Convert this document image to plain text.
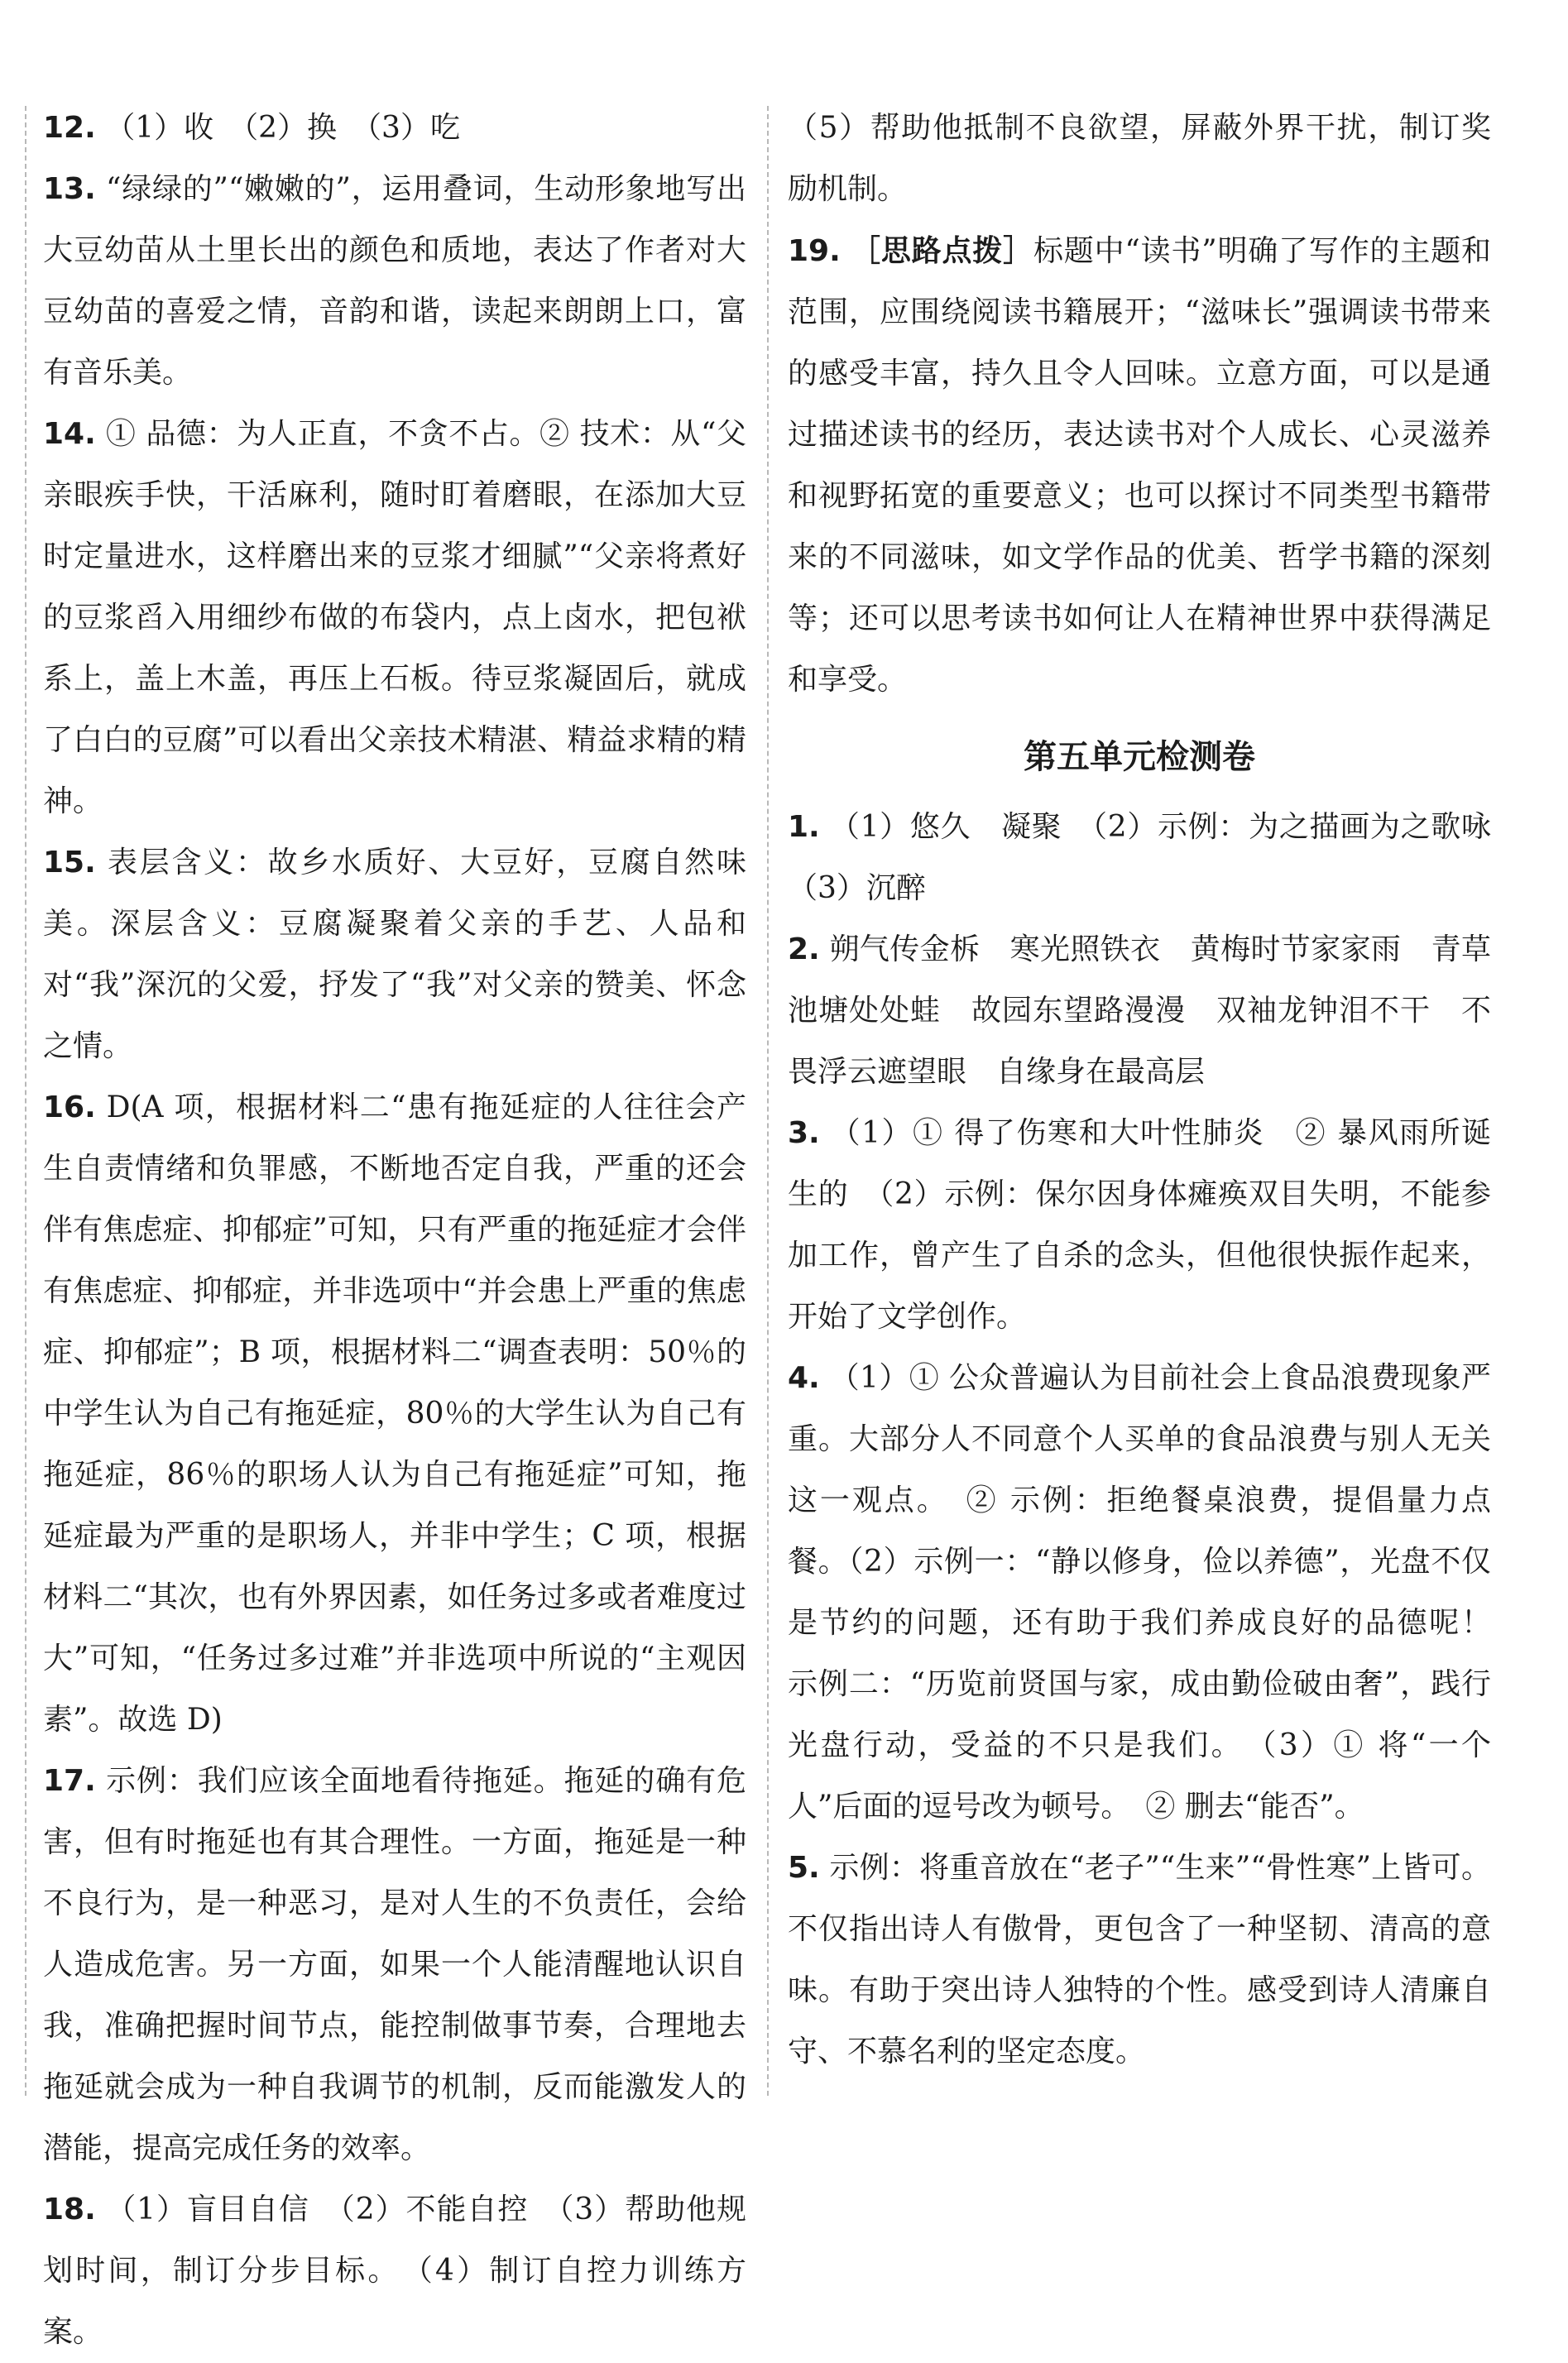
12. （1）收　（2）换　（3）吃

13. “绿绿的”“嫩嫩的”，运用叠词，生动形象地写出大豆幼苗从土里长出的颜色和质地，表达了作者对大豆幼苗的喜爱之情，音韵和谐，读起来朗朗上口，富有音乐美。

14. ① 品德：为人正直，不贪不占。② 技术：从“父亲眼疾手快，干活麻利，随时盯着磨眼，在添加大豆时定量进水，这样磨出来的豆浆才细腻”“父亲将煮好的豆浆舀入用细纱布做的布袋内，点上卤水，把包袱系上，盖上木盖，再压上石板。待豆浆凝固后，就成了白白的豆腐”可以看出父亲技术精湛、精益求精的精神。

15. 表层含义：故乡水质好、大豆好，豆腐自然味美。深层含义：豆腐凝聚着父亲的手艺、人品和对“我”深沉的父爱，抒发了“我”对父亲的赞美、怀念之情。

16. D(A 项，根据材料二“患有拖延症的人往往会产生自责情绪和负罪感，不断地否定自我，严重的还会伴有焦虑症、抑郁症”可知，只有严重的拖延症才会伴有焦虑症、抑郁症，并非选项中“并会患上严重的焦虑症、抑郁症”；B 项，根据材料二“调查表明：50％的中学生认为自己有拖延症，80％的大学生认为自己有拖延症，86％的职场人认为自己有拖延症”可知，拖延症最为严重的是职场人，并非中学生；C 项，根据材料二“其次，也有外界因素，如任务过多或者难度过大”可知，“任务过多过难”并非选项中所说的“主观因素”。故选 D)

17. 示例：我们应该全面地看待拖延。拖延的确有危害，但有时拖延也有其合理性。一方面，拖延是一种不良行为，是一种恶习，是对人生的不负责任，会给人造成危害。另一方面，如果一个人能清醒地认识自我，准确把握时间节点，能控制做事节奏，合理地去拖延就会成为一种自我调节的机制，反而能激发人的潜能，提高完成任务的效率。

18. （1）盲目自信　（2）不能自控　（3）帮助他规划时间，制订分步目标。　（4）制订自控力训练方案。

（5）帮助他抵制不良欲望，屏蔽外界干扰，制订奖励机制。

19. ［思路点拨］标题中“读书”明确了写作的主题和范围，应围绕阅读书籍展开；“滋味长”强调读书带来的感受丰富，持久且令人回味。立意方面，可以是通过描述读书的经历，表达读书对个人成长、心灵滋养和视野拓宽的重要意义；也可以探讨不同类型书籍带来的不同滋味，如文学作品的优美、哲学书籍的深刻等；还可以思考读书如何让人在精神世界中获得满足和享受。

第五单元检测卷

1. （1）悠久　凝聚　（2）示例：为之描画为之歌咏　（3）沉醉

2. 朔气传金柝　寒光照铁衣　黄梅时节家家雨　青草池塘处处蛙　故园东望路漫漫　双袖龙钟泪不干　不畏浮云遮望眼　自缘身在最高层

3. （1）① 得了伤寒和大叶性肺炎　② 暴风雨所诞生的　（2）示例：保尔因身体瘫痪双目失明，不能参加工作，曾产生了自杀的念头，但他很快振作起来，开始了文学创作。

4. （1）① 公众普遍认为目前社会上食品浪费现象严重。大部分人不同意个人买单的食品浪费与别人无关这一观点。　② 示例：拒绝餐桌浪费，提倡量力点餐。（2）示例一：“静以修身，俭以养德”，光盘不仅是节约的问题，还有助于我们养成良好的品德呢！　示例二：“历览前贤国与家，成由勤俭破由奢”，践行光盘行动，受益的不只是我们。　（3）① 将“一个人”后面的逗号改为顿号。　② 删去“能否”。

5. 示例：将重音放在“老子”“生来”“骨性寒”上皆可。不仅指出诗人有傲骨，更包含了一种坚韧、清高的意味。有助于突出诗人独特的个性。感受到诗人清廉自守、不慕名利的坚定态度。
